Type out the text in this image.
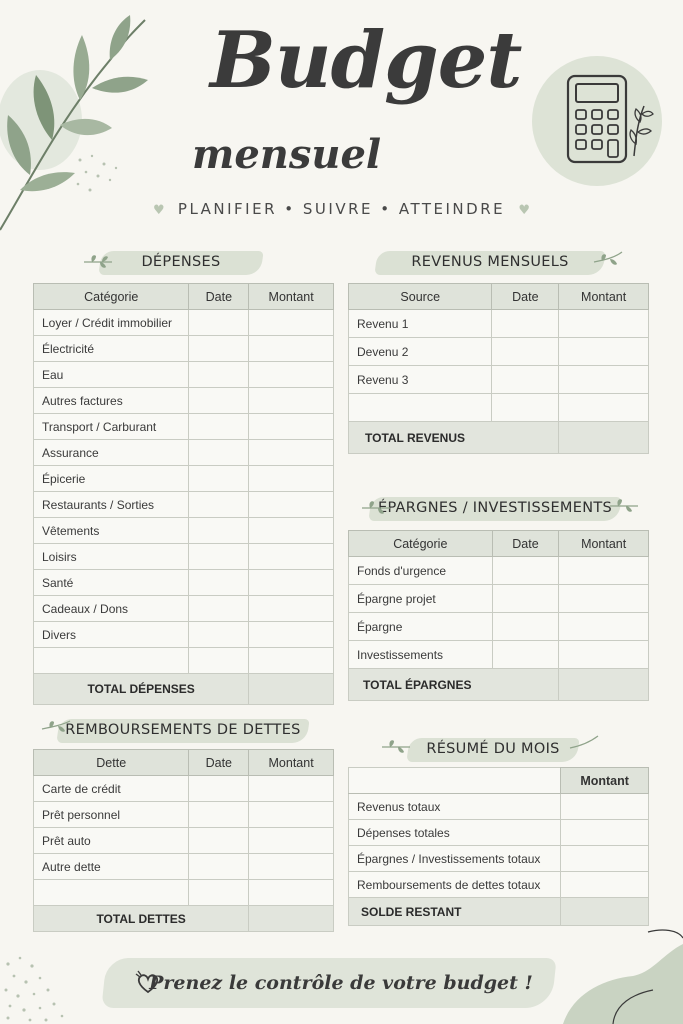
Budget
mensuel
♥ PLANIFIER • SUIVRE • ATTEINDRE ♥
DÉPENSES
Catégorie	Date	Montant
Loyer / Crédit immobilier		
Électricité		
Eau		
Autres factures		
Transport / Carburant		
Assurance		
Épicerie		
Restaurants / Sorties		
Vêtements		
Loisirs		
Santé		
Cadeaux / Dons		
Divers		

TOTAL DÉPENSES		
REVENUS MENSUELS
Source	Date	Montant
Revenu 1		
Devenu 2		
Revenu 3		

TOTAL REVENUS		
ÉPARGNES / INVESTISSEMENTS
Catégorie	Date	Montant
Fonds d'urgence		
Épargne projet		
Épargne		
Investissements		
TOTAL ÉPARGNES		
REMBOURSEMENTS DE DETTES
Dette	Date	Montant
Carte de crédit		
Prêt personnel		
Prêt auto		
Autre dette		

TOTAL DETTES		
RÉSUMÉ DU MOIS
	Montant
Revenus totaux	
Dépenses totales	
Épargnes / Investissements totaux	
Remboursements de dettes totaux	
SOLDE RESTANT	
Prenez le contrôle de votre budget !
